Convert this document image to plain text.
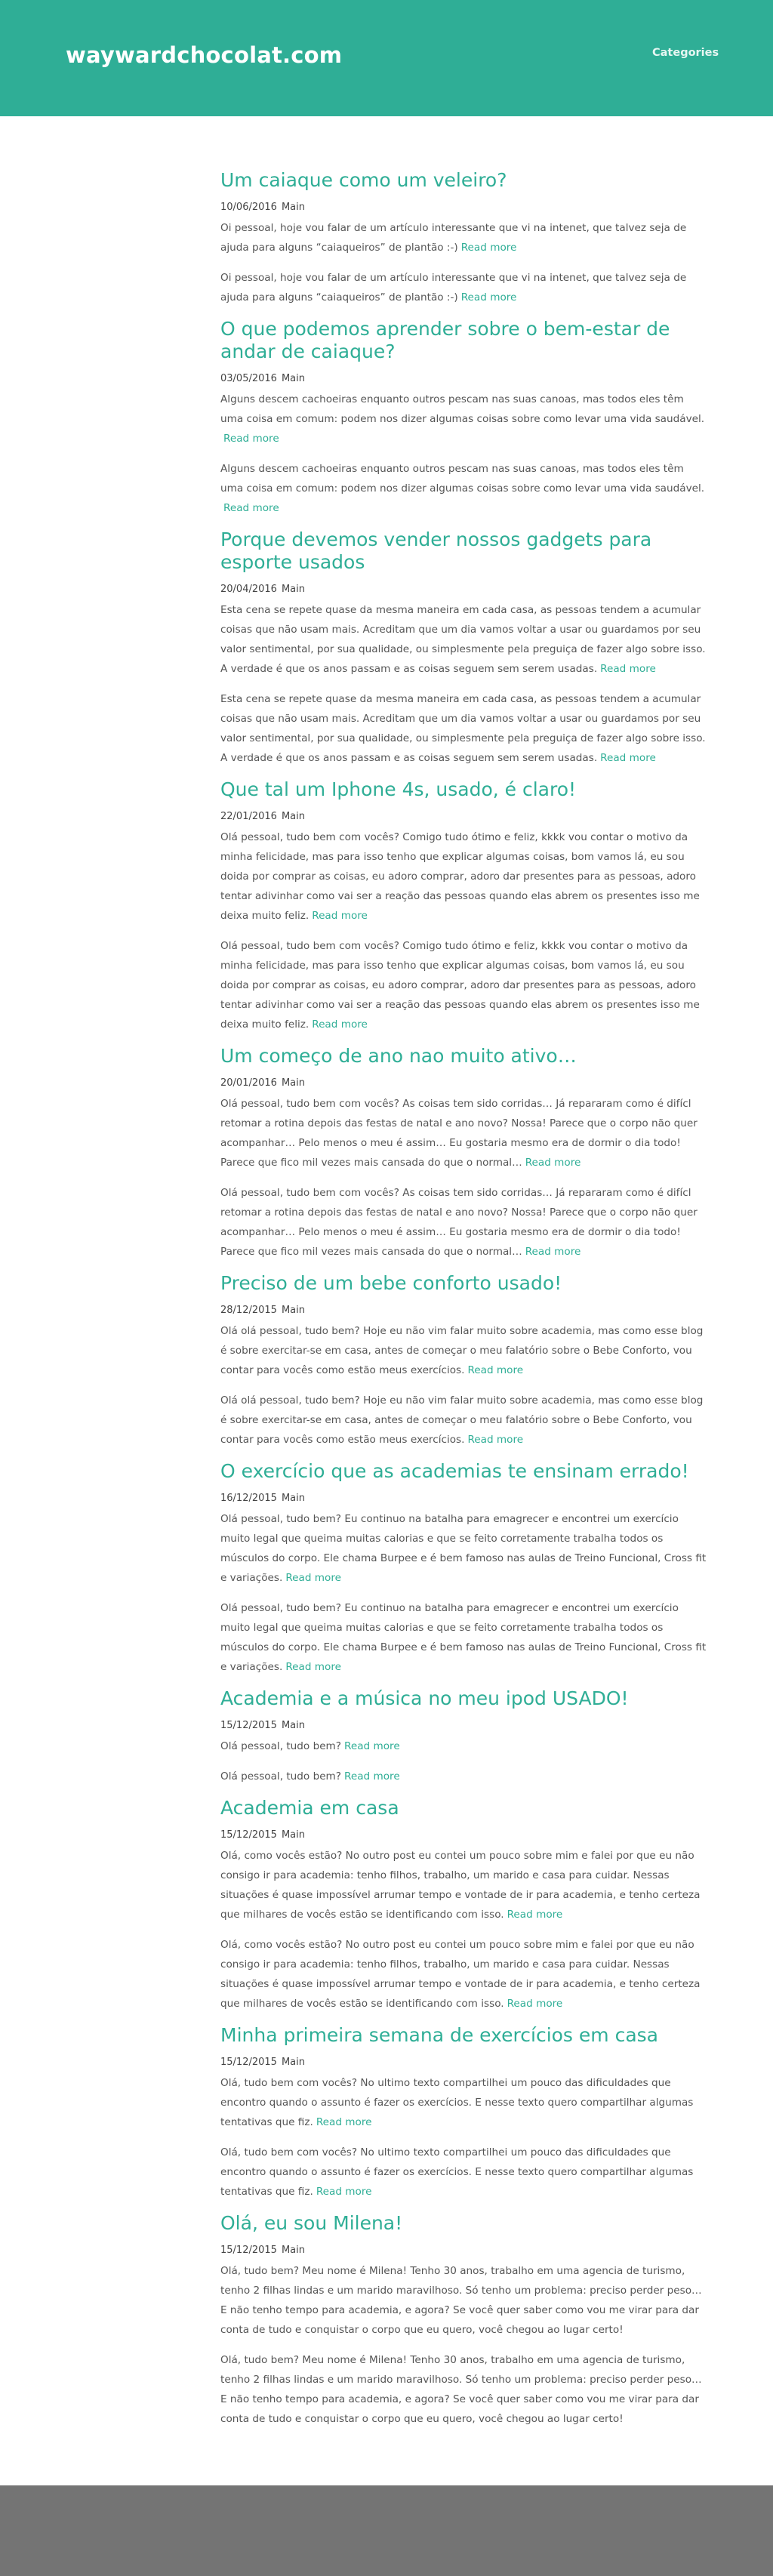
waywardchocolat.com	Categories
Um caiaque como um veleiro?
10/06/2016 Main

Oi pessoal, hoje vou falar de um artículo interessante que vi na intenet, que talvez seja de ajuda para alguns “caiaqueiros” de plantão :-) Read more

Oi pessoal, hoje vou falar de um artículo interessante que vi na intenet, que talvez seja de ajuda para alguns “caiaqueiros” de plantão :-) Read more

O que podemos aprender sobre o bem-estar de andar de caiaque?
03/05/2016 Main

Alguns descem cachoeiras enquanto outros pescam nas suas canoas, mas todos eles têm uma coisa em comum: podem nos dizer algumas coisas sobre como levar uma vida saudável. Read more

Alguns descem cachoeiras enquanto outros pescam nas suas canoas, mas todos eles têm uma coisa em comum: podem nos dizer algumas coisas sobre como levar uma vida saudável. Read more

Porque devemos vender nossos gadgets para esporte usados
20/04/2016 Main

Esta cena se repete quase da mesma maneira em cada casa, as pessoas tendem a acumular coisas que não usam mais. Acreditam que um dia vamos voltar a usar ou guardamos por seu valor sentimental, por sua qualidade, ou simplesmente pela preguiça de fazer algo sobre isso. A verdade é que os anos passam e as coisas seguem sem serem usadas. Read more

Esta cena se repete quase da mesma maneira em cada casa, as pessoas tendem a acumular coisas que não usam mais. Acreditam que um dia vamos voltar a usar ou guardamos por seu valor sentimental, por sua qualidade, ou simplesmente pela preguiça de fazer algo sobre isso. A verdade é que os anos passam e as coisas seguem sem serem usadas. Read more

Que tal um Iphone 4s, usado, é claro!
22/01/2016 Main

Olá pessoal, tudo bem com vocês? Comigo tudo ótimo e feliz, kkkk vou contar o motivo da minha felicidade, mas para isso tenho que explicar algumas coisas, bom vamos lá, eu sou doida por comprar as coisas, eu adoro comprar, adoro dar presentes para as pessoas, adoro tentar adivinhar como vai ser a reação das pessoas quando elas abrem os presentes isso me deixa muito feliz. Read more

Olá pessoal, tudo bem com vocês? Comigo tudo ótimo e feliz, kkkk vou contar o motivo da minha felicidade, mas para isso tenho que explicar algumas coisas, bom vamos lá, eu sou doida por comprar as coisas, eu adoro comprar, adoro dar presentes para as pessoas, adoro tentar adivinhar como vai ser a reação das pessoas quando elas abrem os presentes isso me deixa muito feliz. Read more

Um começo de ano nao muito ativo…
20/01/2016 Main

Olá pessoal, tudo bem com vocês? As coisas tem sido corridas… Já repararam como é difícl retomar a rotina depois das festas de natal e ano novo? Nossa! Parece que o corpo não quer acompanhar… Pelo menos o meu é assim… Eu gostaria mesmo era de dormir o dia todo! Parece que fico mil vezes mais cansada do que o normal… Read more

Olá pessoal, tudo bem com vocês? As coisas tem sido corridas… Já repararam como é difícl retomar a rotina depois das festas de natal e ano novo? Nossa! Parece que o corpo não quer acompanhar… Pelo menos o meu é assim… Eu gostaria mesmo era de dormir o dia todo! Parece que fico mil vezes mais cansada do que o normal… Read more

Preciso de um bebe conforto usado!
28/12/2015 Main

Olá olá pessoal, tudo bem? Hoje eu não vim falar muito sobre academia, mas como esse blog é sobre exercitar-se em casa, antes de começar o meu falatório sobre o Bebe Conforto, vou contar para vocês como estão meus exercícios. Read more

Olá olá pessoal, tudo bem? Hoje eu não vim falar muito sobre academia, mas como esse blog é sobre exercitar-se em casa, antes de começar o meu falatório sobre o Bebe Conforto, vou contar para vocês como estão meus exercícios. Read more

O exercício que as academias te ensinam errado!
16/12/2015 Main

Olá pessoal, tudo bem? Eu continuo na batalha para emagrecer e encontrei um exercício muito legal que queima muitas calorias e que se feito corretamente trabalha todos os músculos do corpo. Ele chama Burpee e é bem famoso nas aulas de Treino Funcional, Cross fit e variações. Read more

Olá pessoal, tudo bem? Eu continuo na batalha para emagrecer e encontrei um exercício muito legal que queima muitas calorias e que se feito corretamente trabalha todos os músculos do corpo. Ele chama Burpee e é bem famoso nas aulas de Treino Funcional, Cross fit e variações. Read more

Academia e a música no meu ipod USADO!
15/12/2015 Main

Olá pessoal, tudo bem? Read more

Olá pessoal, tudo bem? Read more

Academia em casa
15/12/2015 Main

Olá, como vocês estão? No outro post eu contei um pouco sobre mim e falei por que eu não consigo ir para academia: tenho filhos, trabalho, um marido e casa para cuidar. Nessas situações é quase impossível arrumar tempo e vontade de ir para academia, e tenho certeza que milhares de vocês estão se identificando com isso. Read more

Olá, como vocês estão? No outro post eu contei um pouco sobre mim e falei por que eu não consigo ir para academia: tenho filhos, trabalho, um marido e casa para cuidar. Nessas situações é quase impossível arrumar tempo e vontade de ir para academia, e tenho certeza que milhares de vocês estão se identificando com isso. Read more

Minha primeira semana de exercícios em casa
15/12/2015 Main

Olá, tudo bem com vocês? No ultimo texto compartilhei um pouco das dificuldades que encontro quando o assunto é fazer os exercícios. E nesse texto quero compartilhar algumas tentativas que fiz. Read more

Olá, tudo bem com vocês? No ultimo texto compartilhei um pouco das dificuldades que encontro quando o assunto é fazer os exercícios. E nesse texto quero compartilhar algumas tentativas que fiz. Read more

Olá, eu sou Milena!
15/12/2015 Main

Olá, tudo bem? Meu nome é Milena! Tenho 30 anos, trabalho em uma agencia de turismo, tenho 2 filhas lindas e um marido maravilhoso. Só tenho um problema: preciso perder peso… E não tenho tempo para academia, e agora? Se você quer saber como vou me virar para dar conta de tudo e conquistar o corpo que eu quero, você chegou ao lugar certo!

Olá, tudo bem? Meu nome é Milena! Tenho 30 anos, trabalho em uma agencia de turismo, tenho 2 filhas lindas e um marido maravilhoso. Só tenho um problema: preciso perder peso… E não tenho tempo para academia, e agora? Se você quer saber como vou me virar para dar conta de tudo e conquistar o corpo que eu quero, você chegou ao lugar certo!
